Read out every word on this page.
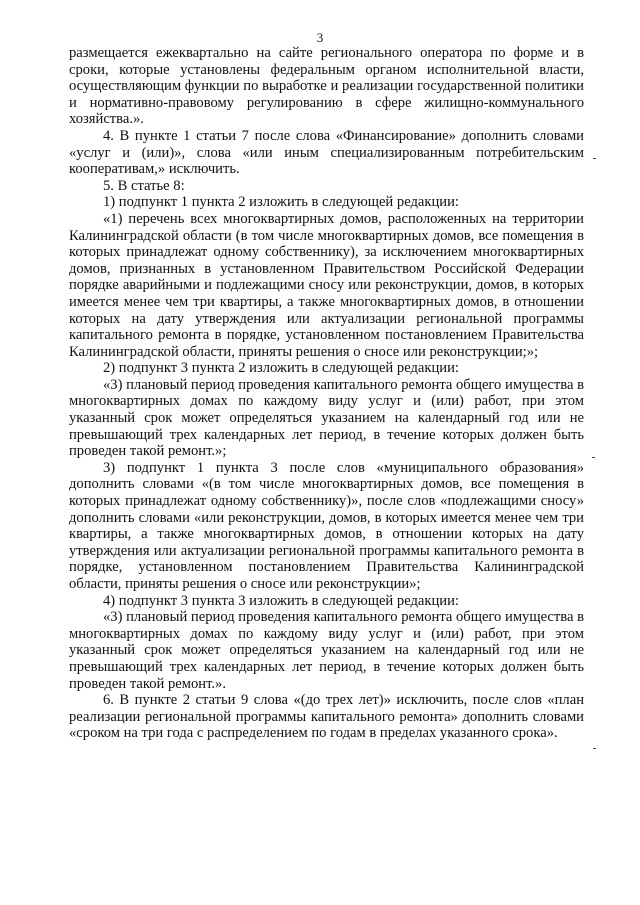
3

размещается ежеквартально на сайте регионального оператора по форме и в сроки, которые установлены федеральным органом исполнительной власти, осуществляющим функции по выработке и реализации государственной политики и нормативно-правовому регулированию в сфере жилищно-коммунального хозяйства.».

4. В пункте 1 статьи 7 после слова «Финансирование» дополнить словами «услуг и (или)», слова «или иным специализированным потребительским кооперативам,» исключить.

5. В статье 8:

1) подпункт 1 пункта 2 изложить в следующей редакции:

«1) перечень всех многоквартирных домов, расположенных на территории Калининградской области (в том числе многоквартирных домов, все помещения в которых принадлежат одному собственнику), за исключением многоквартирных домов, признанных в установленном Правительством Российской Федерации порядке аварийными и подлежащими сносу или реконструкции, домов, в которых имеется менее чем три квартиры, а также многоквартирных домов, в отношении которых на дату утверждения или актуализации региональной программы капитального ремонта в порядке, установленном постановлением Правительства Калининградской области, приняты решения о сносе или реконструкции;»;

2) подпункт 3 пункта 2 изложить в следующей редакции:

«3) плановый период проведения капитального ремонта общего имущества в многоквартирных домах по каждому виду услуг и (или) работ, при этом указанный срок может определяться указанием на календарный год или не превышающий трех календарных лет период, в течение которых должен быть проведен такой ремонт.»;

3) подпункт 1 пункта 3 после слов «муниципального образования» дополнить словами «(в том числе многоквартирных домов, все помещения в которых принадлежат одному собственнику)», после слов «подлежащими сносу» дополнить словами «или реконструкции, домов, в которых имеется менее чем три квартиры, а также многоквартирных домов, в отношении которых на дату утверждения или актуализации региональной программы капитального ремонта в порядке, установленном постановлением Правительства Калининградской области, приняты решения о сносе или реконструкции»;

4) подпункт 3 пункта 3 изложить в следующей редакции:

«3) плановый период проведения капитального ремонта общего имущества в многоквартирных домах по каждому виду услуг и (или) работ, при этом указанный срок может определяться указанием на календарный год или не превышающий трех календарных лет период, в течение которых должен быть проведен такой ремонт.».

6. В пункте 2 статьи 9 слова «(до трех лет)» исключить, после слов «план реализации региональной программы капитального ремонта» дополнить словами «сроком на три года с распределением по годам в пределах указанного срока».
